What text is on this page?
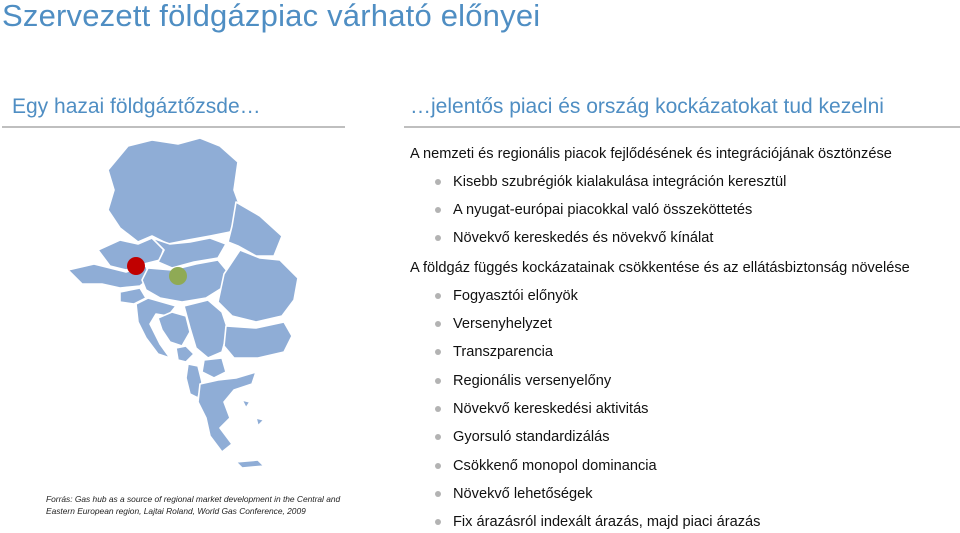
Szervezett földgázpiac várható előnyei
Egy hazai földgáztőzsde…	…jelentős piaci és ország kockázatokat tud kezelni
Forrás: Gas hub as a source of regional market development in the Central and Eastern European region, Lajtai Roland, World Gas Conference, 2009
A nemzeti és regionális piacok fejlődésének és integrációjának ösztönzése
Kisebb szubrégiók kialakulása integráción keresztül
A nyugat-európai piacokkal való összeköttetés
Növekvő kereskedés és növekvő kínálat
A földgáz függés kockázatainak csökkentése és az ellátásbiztonság növelése
Fogyasztói előnyök
Versenyhelyzet
Transzparencia
Regionális versenyelőny
Növekvő kereskedési aktivitás
Gyorsuló standardizálás
Csökkenő monopol dominancia
Növekvő lehetőségek
Fix árazásról indexált árazás, majd piaci árazás
